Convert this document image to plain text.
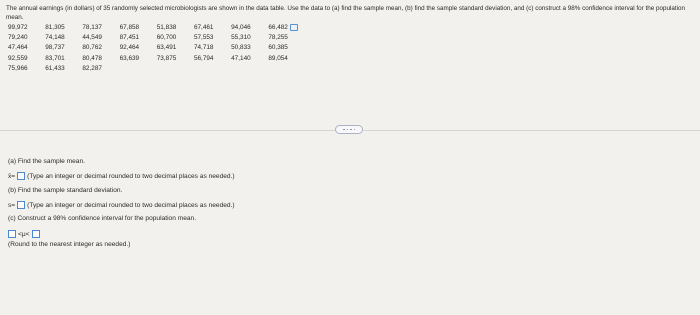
The annual earnings (in dollars) of 35 randomly selected microbiologists are shown in the data table. Use the data to (a) find the sample mean, (b) find the sample standard deviation, and (c) construct a 98% confidence interval for the population mean.
99,972	81,305	78,137	67,858	51,838	67,461	94,046	66,482
79,240	74,148	44,549	87,451	60,700	57,553	55,310	78,255
47,464	98,737	80,762	92,464	63,491	74,718	50,833	60,385
92,559	83,701	80,478	63,639	73,875	56,794	47,140	89,054
75,966	61,433	82,287					
(a) Find the sample mean.
x̄= (Type an integer or decimal rounded to two decimal places as needed.)
(b) Find the sample standard deviation.
s= (Type an integer or decimal rounded to two decimal places as needed.)
(c) Construct a 98% confidence interval for the population mean.
<μ<
(Round to the nearest integer as needed.)
